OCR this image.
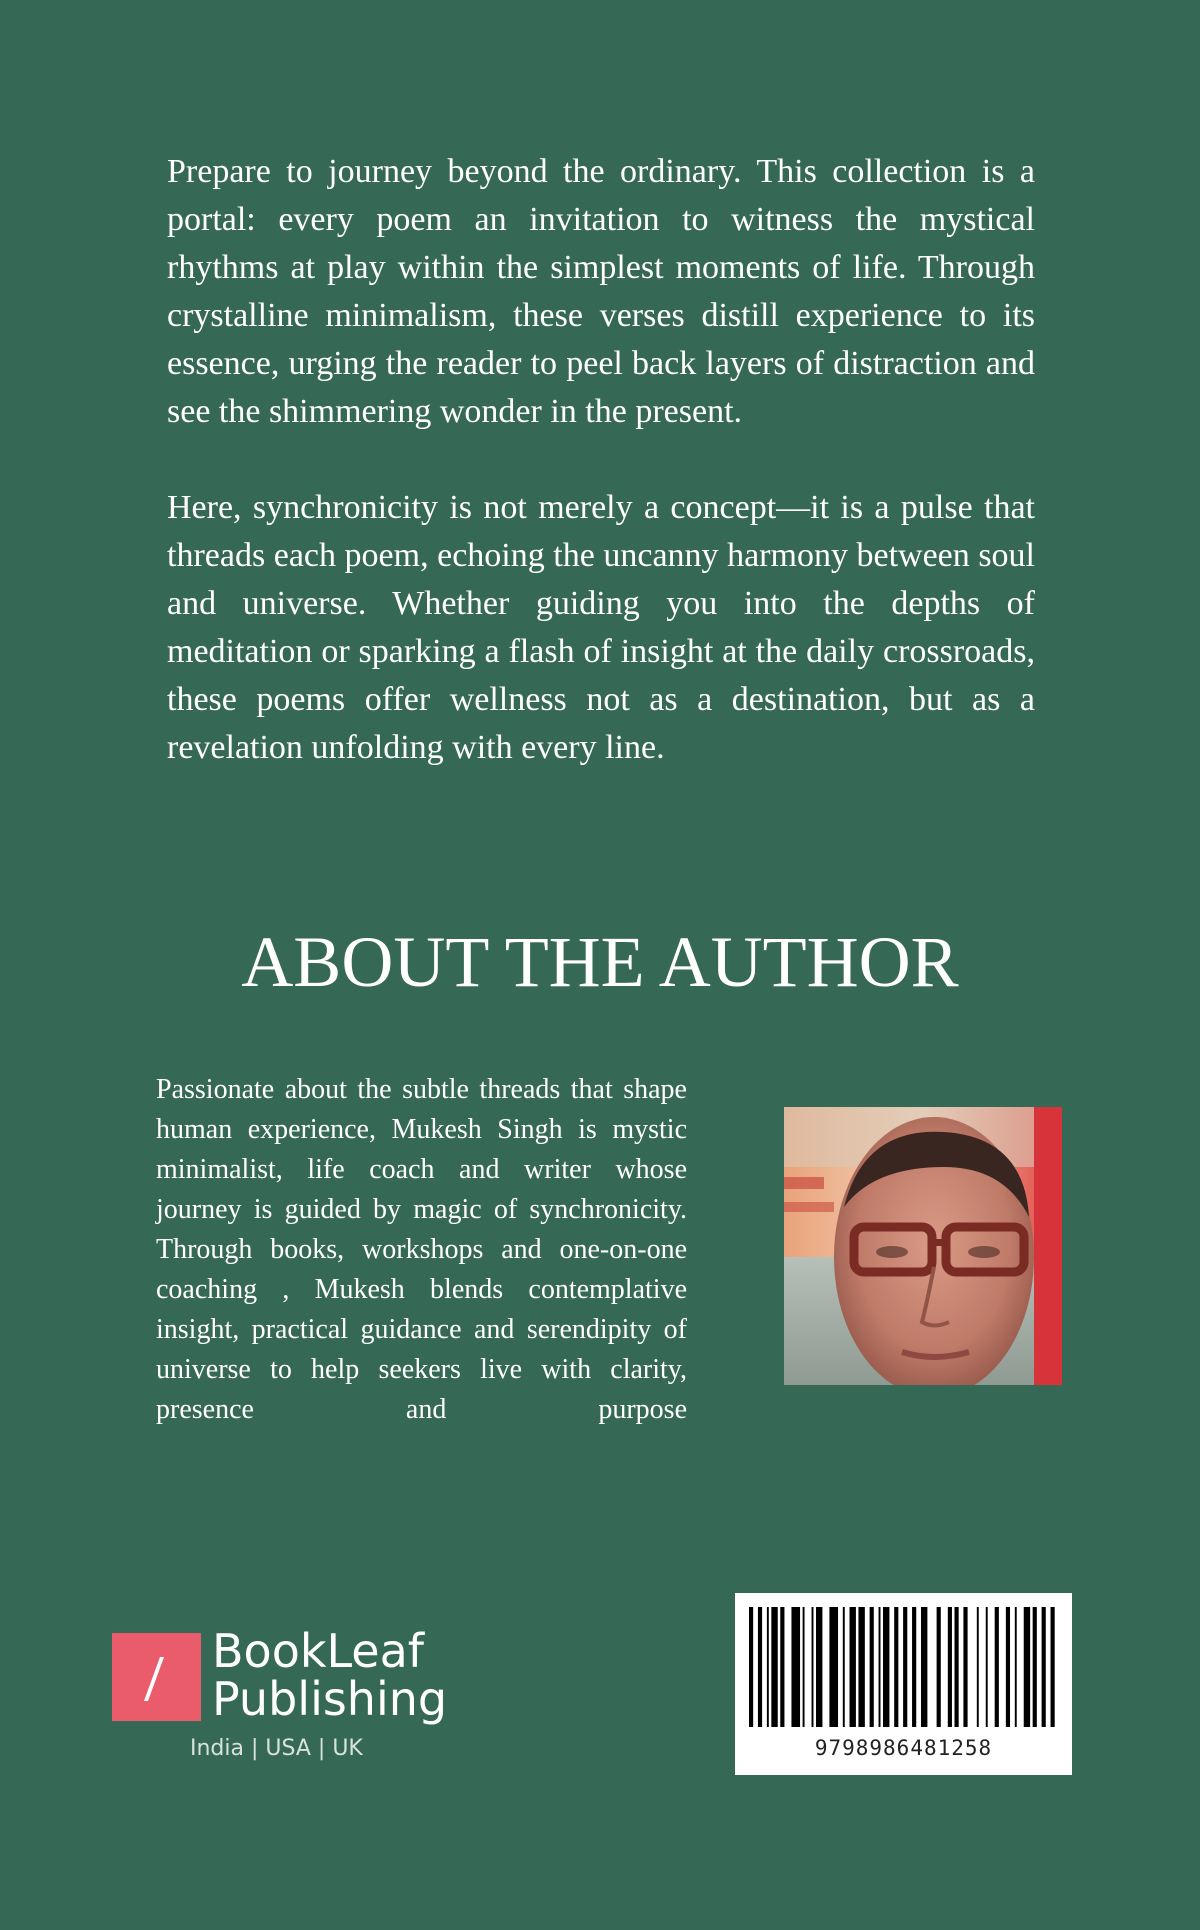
Prepare to journey beyond the ordinary. This collection is a portal: every poem an invitation to witness the mystical rhythms at play within the simplest moments of life. Through crystalline minimalism, these verses distill experience to its essence, urging the reader to peel back layers of distraction and see the shimmering wonder in the present.

Here, synchronicity is not merely a concept—it is a pulse that threads each poem, echoing the uncanny harmony between soul and universe. Whether guiding you into the depths of meditation or sparking a flash of insight at the daily crossroads, these poems offer wellness not as a destination, but as a revelation unfolding with every line.

ABOUT THE AUTHOR

Passionate about the subtle threads that shape human experience, Mukesh Singh is mystic minimalist, life coach and writer whose journey is guided by magic of synchronicity. Through books, workshops and one-on-one coaching , Mukesh blends contemplative insight, practical guidance and serendipity of universe to help seekers live with clarity, presence and purpose

BookLeaf
Publishing
India | USA | UK	9798986481258
